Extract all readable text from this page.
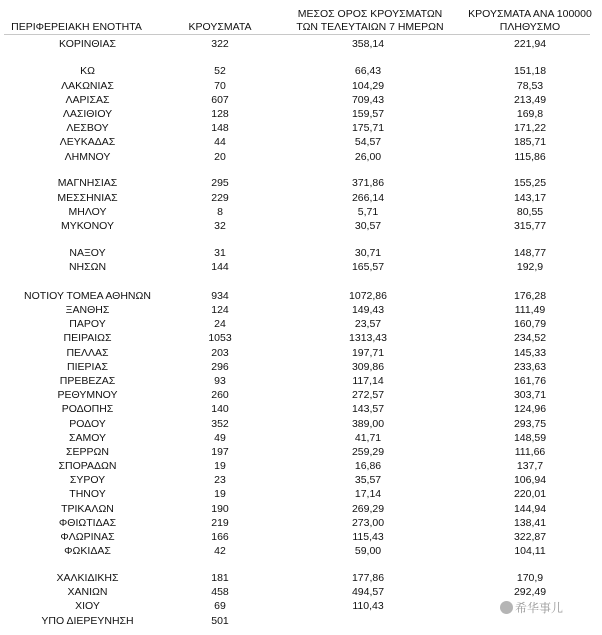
ΠΕΡΙΦΕΡΕΙΑΚΗ ΕΝΟΤΗΤΑ	ΚΡΟΥΣΜΑΤΑ
ΜΕΣΟΣ ΟΡΟΣ ΚΡΟΥΣΜΑΤΩΝ
ΤΩΝ ΤΕΛΕΥΤΑΙΩΝ 7 ΗΜΕΡΩΝ
ΚΡΟΥΣΜΑΤΑ ΑΝΑ 100000
ΠΛΗΘΥΣΜΟ
ΚΟΡΙΝΘΙΑΣ	322	358,14	221,94
ΚΩ	52	66,43	151,18
ΛΑΚΩΝΙΑΣ	70	104,29	78,53
ΛΑΡΙΣΑΣ	607	709,43	213,49
ΛΑΣΙΘΙΟΥ	128	159,57	169,8
ΛΕΣΒΟΥ	148	175,71	171,22
ΛΕΥΚΑΔΑΣ	44	54,57	185,71
ΛΗΜΝΟΥ	20	26,00	115,86
ΜΑΓΝΗΣΙΑΣ	295	371,86	155,25
ΜΕΣΣΗΝΙΑΣ	229	266,14	143,17
ΜΗΛΟΥ	8	5,71	80,55
ΜΥΚΟΝΟΥ	32	30,57	315,77
ΝΑΞΟΥ	31	30,71	148,77
ΝΗΣΩΝ	144	165,57	192,9
ΝΟΤΙΟΥ ΤΟΜΕΑ ΑΘΗΝΩΝ	934	1072,86	176,28
ΞΑΝΘΗΣ	124	149,43	111,49
ΠΑΡΟΥ	24	23,57	160,79
ΠΕΙΡΑΙΩΣ	1053	1313,43	234,52
ΠΕΛΛΑΣ	203	197,71	145,33
ΠΙΕΡΙΑΣ	296	309,86	233,63
ΠΡΕΒΕΖΑΣ	93	117,14	161,76
ΡΕΘΥΜΝΟΥ	260	272,57	303,71
ΡΟΔΟΠΗΣ	140	143,57	124,96
ΡΟΔΟΥ	352	389,00	293,75
ΣΑΜΟΥ	49	41,71	148,59
ΣΕΡΡΩΝ	197	259,29	111,66
ΣΠΟΡΑΔΩΝ	19	16,86	137,7
ΣΥΡΟΥ	23	35,57	106,94
ΤΗΝΟΥ	19	17,14	220,01
ΤΡΙΚΑΛΩΝ	190	269,29	144,94
ΦΘΙΩΤΙΔΑΣ	219	273,00	138,41
ΦΛΩΡΙΝΑΣ	166	115,43	322,87
ΦΩΚΙΔΑΣ	42	59,00	104,11
ΧΑΛΚΙΔΙΚΗΣ	181	177,86	170,9
ΧΑΝΙΩΝ	458	494,57	292,49
ΧΙΟΥ	69	110,43
ΥΠΟ ΔΙΕΡΕΥΝΗΣΗ	501
希华事儿
